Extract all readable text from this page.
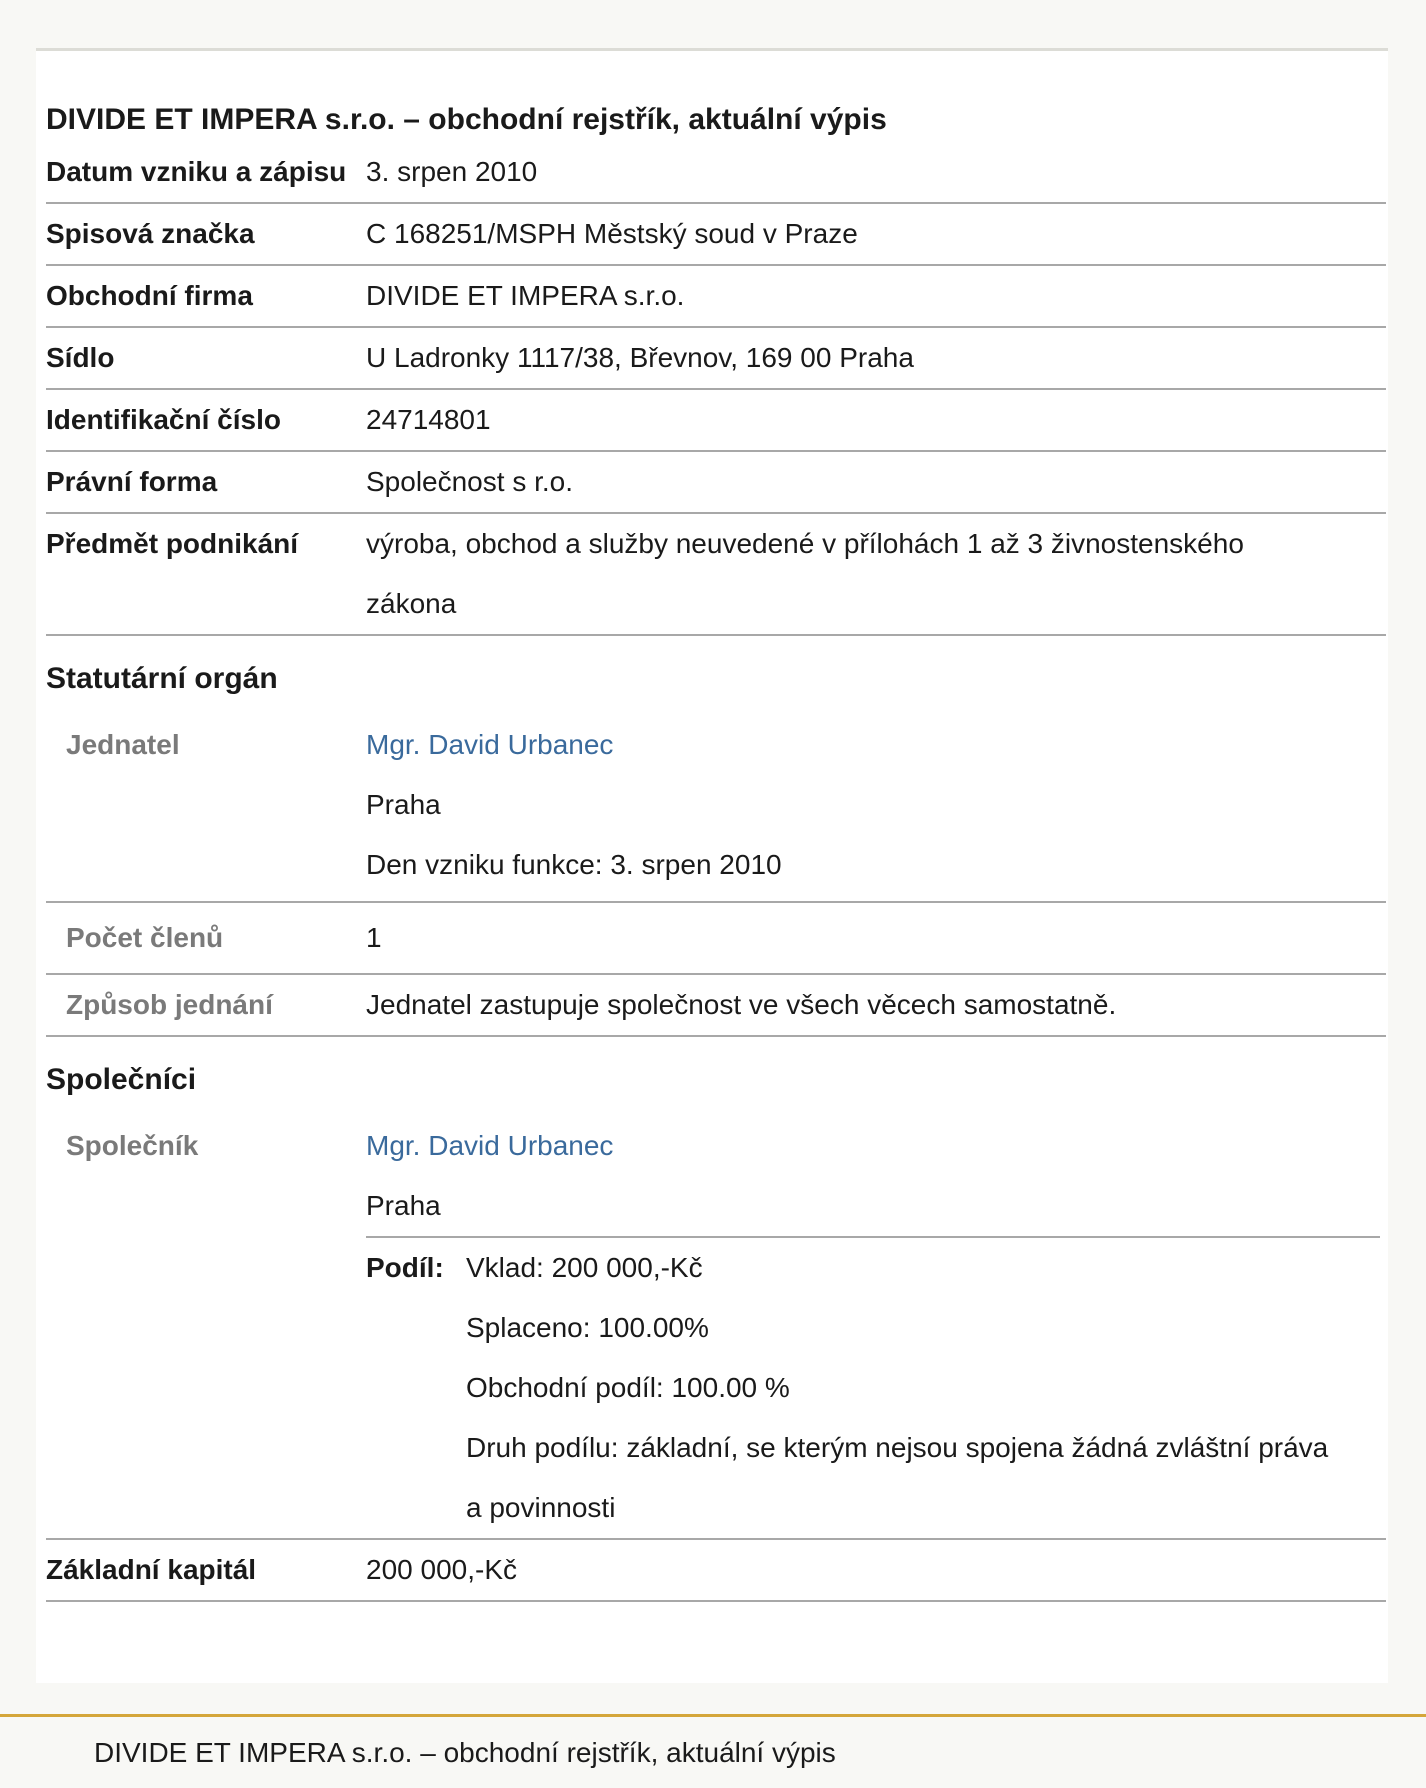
DIVIDE ET IMPERA s.r.o. – obchodní rejstřík, aktuální výpis
Datum vzniku a zápisu 3. srpen 2010
Spisová značka	C 168251/MSPH Městský soud v Praze
Obchodní firma	DIVIDE ET IMPERA s.r.o.
Sídlo	U Ladronky 1117/38, Břevnov, 169 00 Praha
Identifikační číslo	24714801
Právní forma	Společnost s r.o.
Předmět podnikání	výroba, obchod a služby neuvedené v přílohách 1 až 3 živnostenského zákona
Statutární orgán
Jednatel	Mgr. David Urbanec
Praha
Den vzniku funkce: 3. srpen 2010
Počet členů	1
Způsob jednání	Jednatel zastupuje společnost ve všech věcech samostatně.
Společníci
Společník	Mgr. David Urbanec
Praha
Podíl: Vklad: 200 000,-Kč
Splaceno: 100.00%
Obchodní podíl: 100.00 %
Druh podílu: základní, se kterým nejsou spojena žádná zvláštní práva a povinnosti
Základní kapitál	200 000,-Kč
DIVIDE ET IMPERA s.r.o. – obchodní rejstřík, aktuální výpis
